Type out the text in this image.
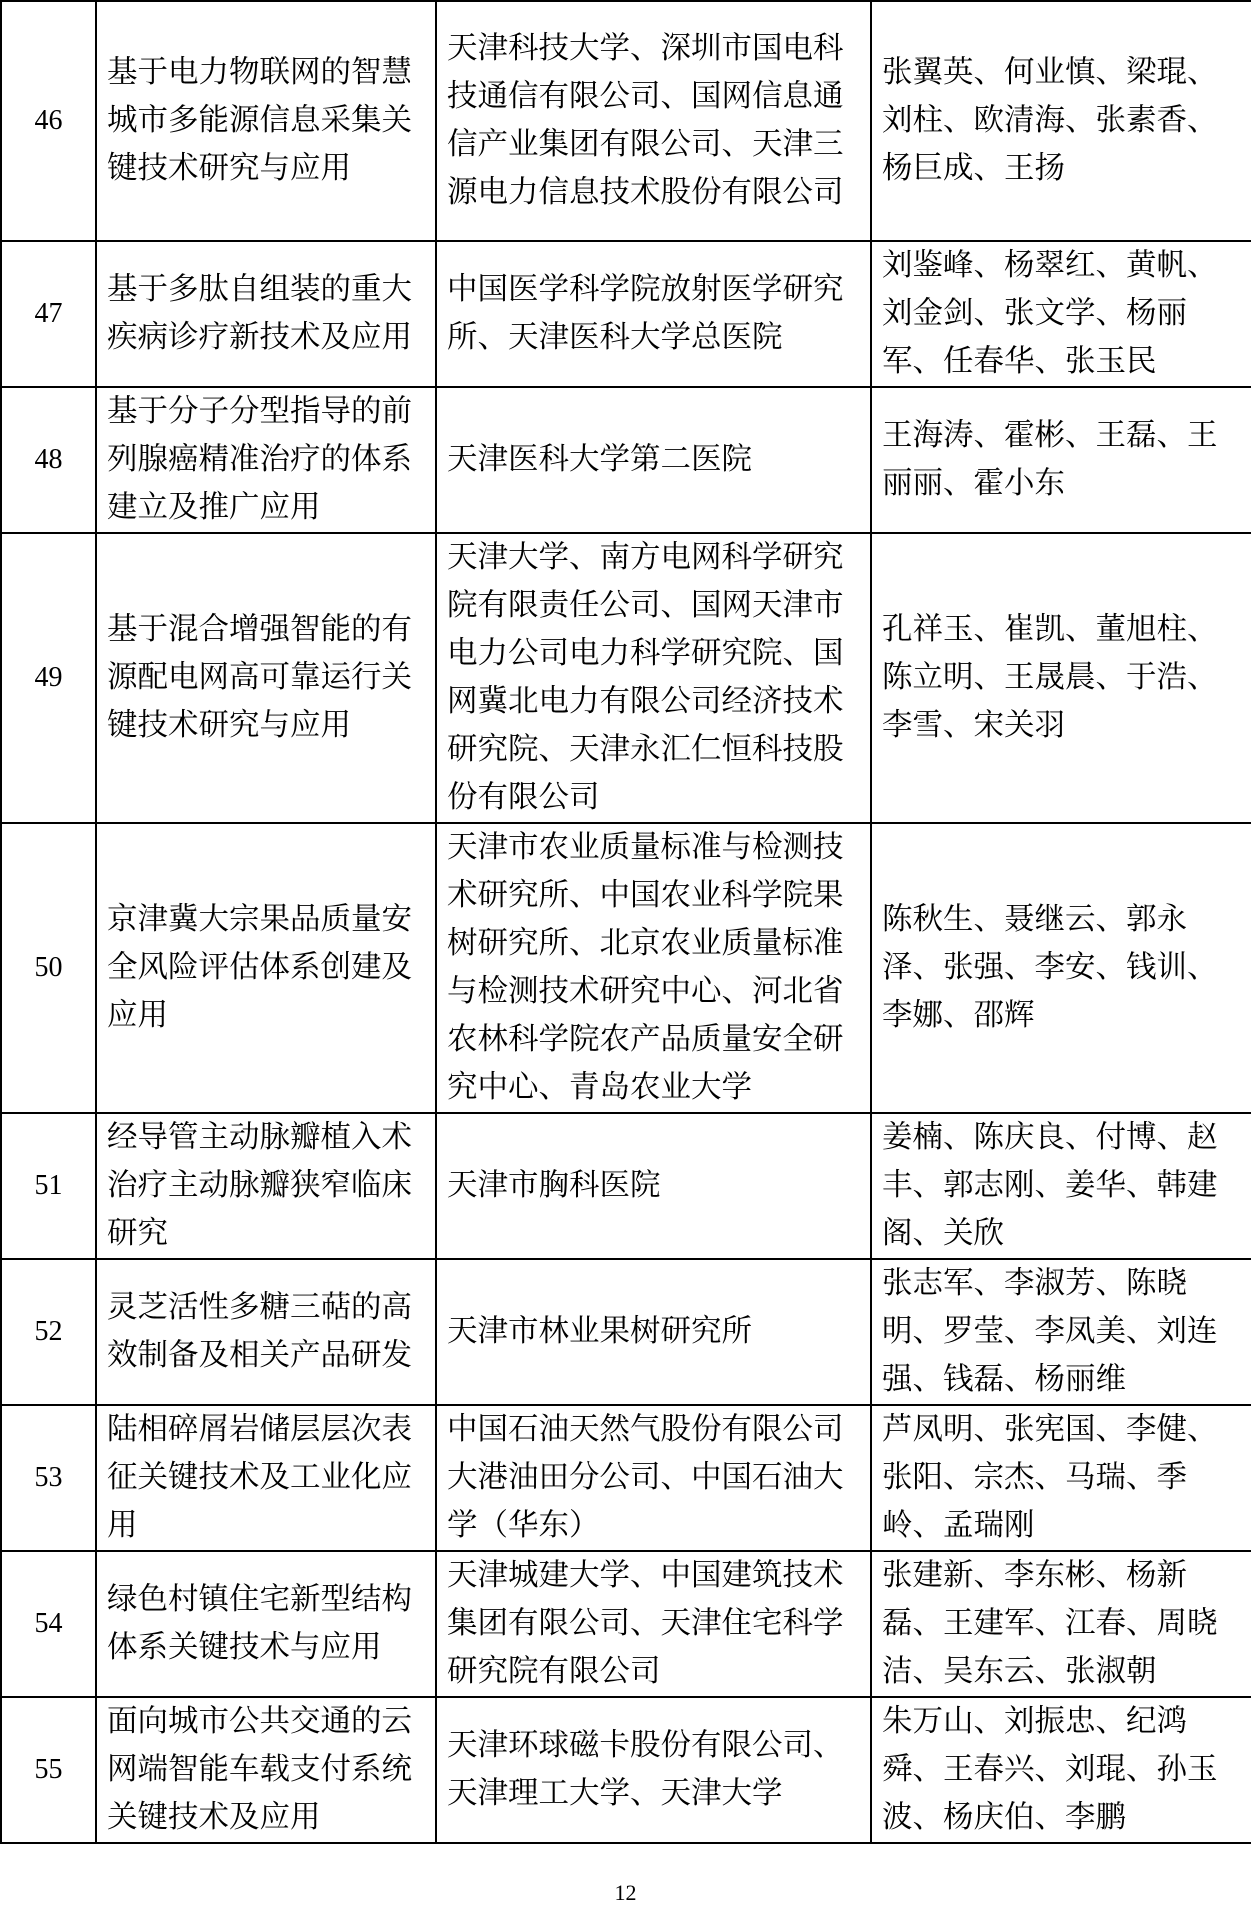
46	基于电力物联网的智慧城市多能源信息采集关键技术研究与应用	天津科技大学、深圳市国电科技通信有限公司、国网信息通信产业集团有限公司、天津三源电力信息技术股份有限公司	张翼英、何业慎、梁琨、刘柱、欧清海、张素香、杨巨成、王扬
47	基于多肽自组装的重大疾病诊疗新技术及应用	中国医学科学院放射医学研究所、天津医科大学总医院	刘鉴峰、杨翠红、黄帆、刘金剑、张文学、杨丽军、任春华、张玉民
48	基于分子分型指导的前列腺癌精准治疗的体系建立及推广应用	天津医科大学第二医院	王海涛、霍彬、王磊、王丽丽、霍小东
49	基于混合增强智能的有源配电网高可靠运行关键技术研究与应用	天津大学、南方电网科学研究院有限责任公司、国网天津市电力公司电力科学研究院、国网冀北电力有限公司经济技术研究院、天津永汇仁恒科技股份有限公司	孔祥玉、崔凯、董旭柱、陈立明、王晟晨、于浩、李雪、宋关羽
50	京津冀大宗果品质量安全风险评估体系创建及应用	天津市农业质量标准与检测技术研究所、中国农业科学院果树研究所、北京农业质量标准与检测技术研究中心、河北省农林科学院农产品质量安全研究中心、青岛农业大学	陈秋生、聂继云、郭永泽、张强、李安、钱训、李娜、邵辉
51	经导管主动脉瓣植入术治疗主动脉瓣狭窄临床研究	天津市胸科医院	姜楠、陈庆良、付博、赵丰、郭志刚、姜华、韩建阁、关欣
52	灵芝活性多糖三萜的高效制备及相关产品研发	天津市林业果树研究所	张志军、李淑芳、陈晓明、罗莹、李凤美、刘连强、钱磊、杨丽维
53	陆相碎屑岩储层层次表征关键技术及工业化应用	中国石油天然气股份有限公司大港油田分公司、中国石油大学（华东）	芦凤明、张宪国、李健、张阳、宗杰、马瑞、季岭、孟瑞刚
54	绿色村镇住宅新型结构体系关键技术与应用	天津城建大学、中国建筑技术集团有限公司、天津住宅科学研究院有限公司	张建新、李东彬、杨新磊、王建军、江春、周晓洁、吴东云、张淑朝
55	面向城市公共交通的云网端智能车载支付系统关键技术及应用	天津环球磁卡股份有限公司、天津理工大学、天津大学	朱万山、刘振忠、纪鸿舜、王春兴、刘琨、孙玉波、杨庆伯、李鹏
12
